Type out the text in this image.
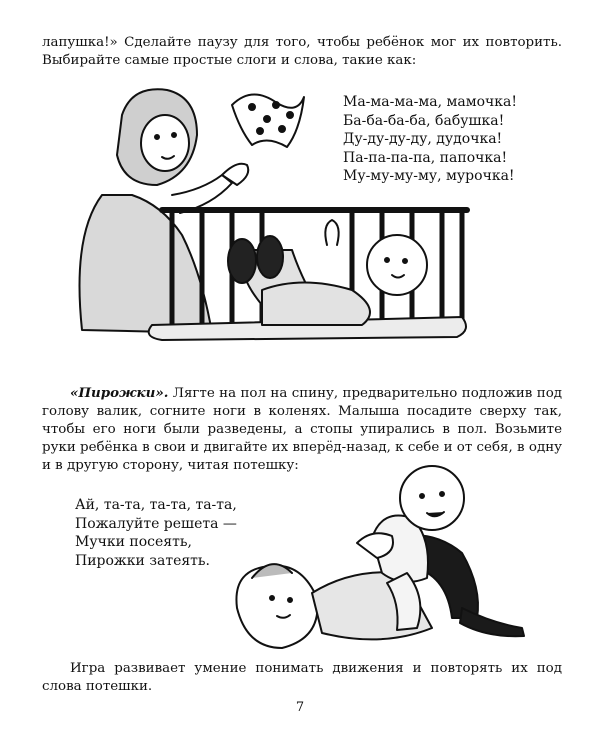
лапушка!» Сделайте паузу для того, чтобы ребёнок мог их повторить. Выбирайте самые простые слоги и слова, такие как:

Ма-ма-ма-ма, мамочка!
Ба-ба-ба-ба, бабушка!
Ду-ду-ду-ду, дудочка!
Па-па-па-па, папочка!
Му-му-му-му, мурочка!

«Пирожки». Лягте на пол на спину, предварительно подложив под голову валик, согните ноги в коленях. Малыша посадите сверху так, чтобы его ноги были разведены, а стопы упирались в пол. Возьмите руки ребёнка в свои и двигайте их вперёд-назад, к себе и от себя, в одну и в другую сторону, читая потешку:

Ай, та-та, та-та, та-та,
Пожалуйте решета —
Мучки посеять,
Пирожки затеять.

Игра развивает умение понимать движения и повторять их под слова потешки.

7
